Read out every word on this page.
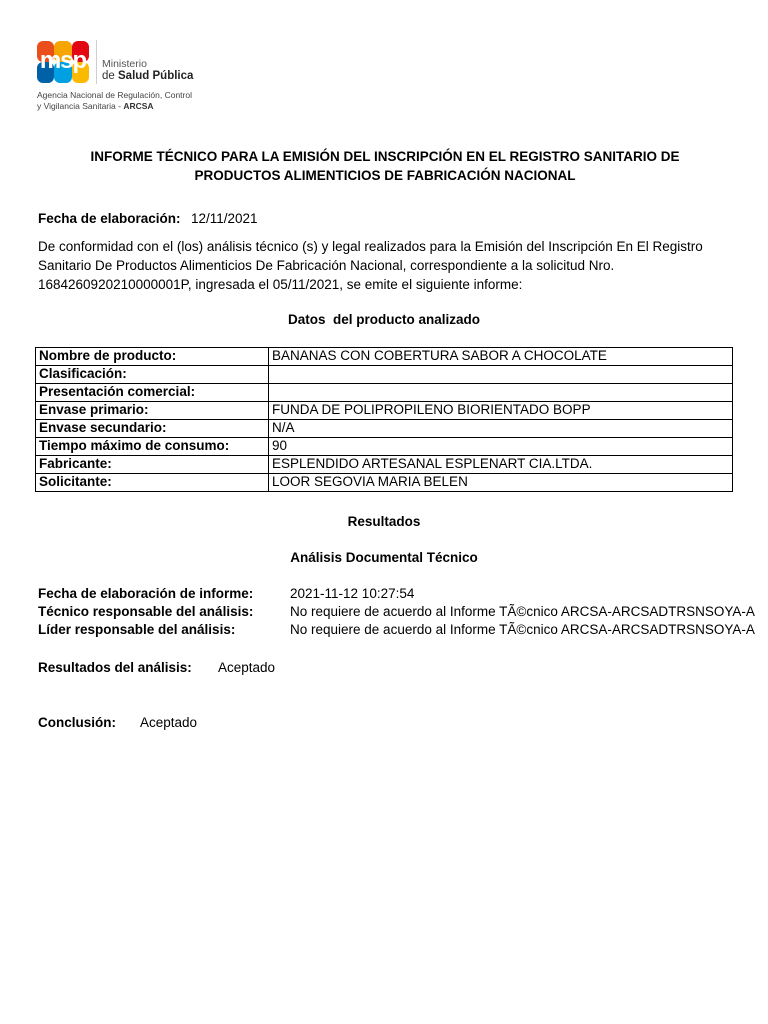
msp Ministerio
de Salud Pública
Agencia Nacional de Regulación, Control
y Vigilancia Sanitaria - ARCSA
INFORME TÉCNICO PARA LA EMISIÓN DEL INSCRIPCIÓN EN EL REGISTRO SANITARIO DE
PRODUCTOS ALIMENTICIOS DE FABRICACIÓN NACIONAL
Fecha de elaboración: 12/11/2021
De conformidad con el (los) análisis técnico (s) y legal realizados para la Emisión del Inscripción En El Registro
Sanitario De Productos Alimenticios De Fabricación Nacional, correspondiente a la solicitud Nro.
1684260920210000001P, ingresada el 05/11/2021, se emite el siguiente informe:
Datos  del producto analizado
Nombre de producto:	BANANAS CON COBERTURA SABOR A CHOCOLATE
Clasificación:	
Presentación comercial:	
Envase primario:	FUNDA DE POLIPROPILENO BIORIENTADO BOPP
Envase secundario:	N/A
Tiempo máximo de consumo:	90
Fabricante:	ESPLENDIDO ARTESANAL ESPLENART CIA.LTDA.
Solicitante:	LOOR SEGOVIA MARIA BELEN
Resultados
Análisis Documental Técnico
Fecha de elaboración de informe:	2021-11-12 10:27:54
Técnico responsable del análisis:	No requiere de acuerdo al Informe TÃ©cnico ARCSA-ARCSADTRSNSOYA-A
Líder responsable del análisis:	No requiere de acuerdo al Informe TÃ©cnico ARCSA-ARCSADTRSNSOYA-A
Resultados del análisis: Aceptado
Conclusión: Aceptado
